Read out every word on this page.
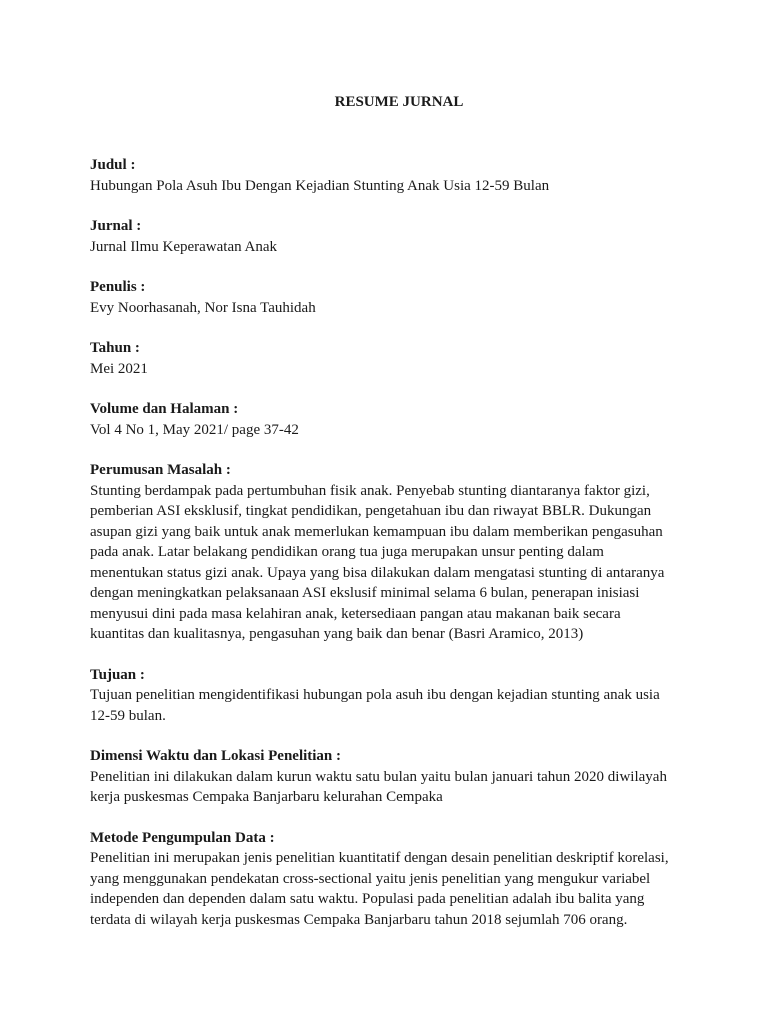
RESUME JURNAL
Judul :

Hubungan Pola Asuh Ibu Dengan Kejadian Stunting Anak Usia 12-59 Bulan

Jurnal :

Jurnal Ilmu Keperawatan Anak

Penulis :

Evy Noorhasanah, Nor Isna Tauhidah

Tahun :

Mei 2021

Volume dan Halaman :

Vol 4 No 1, May 2021/ page 37-42

Perumusan Masalah :

Stunting berdampak pada pertumbuhan fisik anak. Penyebab stunting diantaranya faktor gizi,
pemberian ASI eksklusif, tingkat pendidikan, pengetahuan ibu dan riwayat BBLR. Dukungan
asupan gizi yang baik untuk anak memerlukan kemampuan ibu dalam memberikan pengasuhan
pada anak. Latar belakang pendidikan orang tua juga merupakan unsur penting dalam
menentukan status gizi anak. Upaya yang bisa dilakukan dalam mengatasi stunting di antaranya
dengan meningkatkan pelaksanaan ASI ekslusif minimal selama 6 bulan, penerapan inisiasi
menyusui dini pada masa kelahiran anak, ketersediaan pangan atau makanan baik secara
kuantitas dan kualitasnya, pengasuhan yang baik dan benar (Basri Aramico, 2013)

Tujuan :

Tujuan penelitian mengidentifikasi hubungan pola asuh ibu dengan kejadian stunting anak usia
12-59 bulan.

Dimensi Waktu dan Lokasi Penelitian :

Penelitian ini dilakukan dalam kurun waktu satu bulan yaitu bulan januari tahun 2020 diwilayah
kerja puskesmas Cempaka Banjarbaru kelurahan Cempaka

Metode Pengumpulan Data :

Penelitian ini merupakan jenis penelitian kuantitatif dengan desain penelitian deskriptif korelasi,
yang menggunakan pendekatan cross-sectional yaitu jenis penelitian yang mengukur variabel
independen dan dependen dalam satu waktu. Populasi pada penelitian adalah ibu balita yang
terdata di wilayah kerja puskesmas Cempaka Banjarbaru tahun 2018 sejumlah 706 orang.
